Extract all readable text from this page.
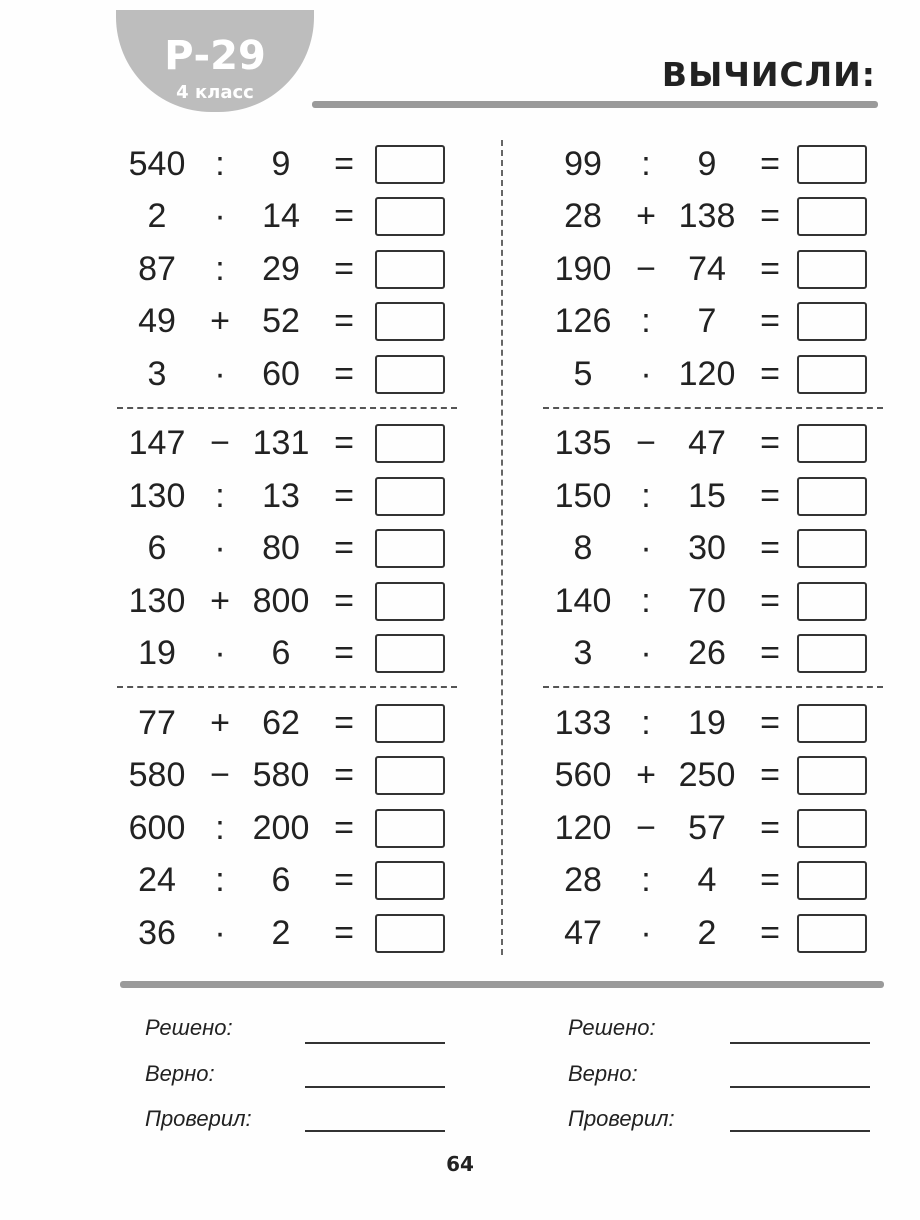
Р-29
4 класс	ВЫЧИСЛИ:
540 :	9	=
2	·	14	=
87	:	29	=
49	+ 52	=
3	·	60	=
147 − 131 =
130 :	13	=
6	·	80	=
130 + 800 =
19	·	6	=
77	+ 62	=
580 − 580 =
600 : 200 =
24	:	6	=
36	·	2	=
99	:	9	=
28	+ 138 =
190 − 74	=
126 :	7	=
5	· 120 =
135 − 47	=
150 :	15	=
8	·	30	=
140 :	70	=
3	·	26	=
133 :	19	=
560 + 250 =
120 − 57	=
28	:	4	=
47	·	2	=
Решено:
Верно:
Проверил:
Решено:
Верно:
Проверил:
64
